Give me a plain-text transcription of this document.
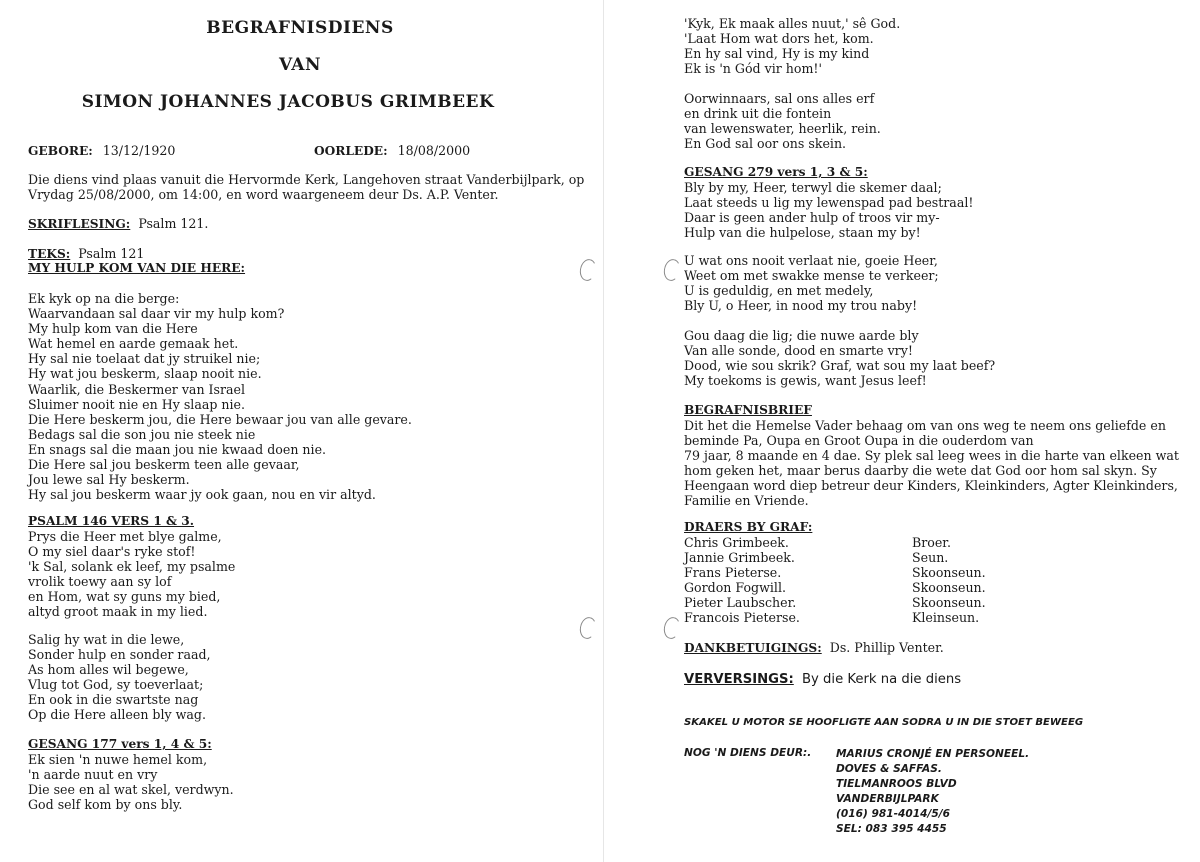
BEGRAFNISDIENS
VAN
SIMON JOHANNES JACOBUS GRIMBEEK
GEBORE: 13/12/1920	OORLEDE: 18/08/2000
Die diens vind plaas vanuit die Hervormde Kerk, Langehoven straat Vanderbijlpark, op
Vrydag 25/08/2000, om 14:00, en word waargeneem deur Ds. A.P. Venter.
SKRIFLESING: Psalm 121.
TEKS: Psalm 121
MY HULP KOM VAN DIE HERE:
Ek kyk op na die berge:
Waarvandaan sal daar vir my hulp kom?
My hulp kom van die Here
Wat hemel en aarde gemaak het.
Hy sal nie toelaat dat jy struikel nie;
Hy wat jou beskerm, slaap nooit nie.
Waarlik, die Beskermer van Israel
Sluimer nooit nie en Hy slaap nie.
Die Here beskerm jou, die Here bewaar jou van alle gevare.
Bedags sal die son jou nie steek nie
En snags sal die maan jou nie kwaad doen nie.
Die Here sal jou beskerm teen alle gevaar,
Jou lewe sal Hy beskerm.
Hy sal jou beskerm waar jy ook gaan, nou en vir altyd.
PSALM 146 VERS 1 & 3.
Prys die Heer met blye galme,
O my siel daar's ryke stof!
'k Sal, solank ek leef, my psalme
vrolik toewy aan sy lof
en Hom, wat sy guns my bied,
altyd groot maak in my lied.
Salig hy wat in die lewe,
Sonder hulp en sonder raad,
As hom alles wil begewe,
Vlug tot God, sy toeverlaat;
En ook in die swartste nag
Op die Here alleen bly wag.
GESANG 177 vers 1, 4 & 5:
Ek sien 'n nuwe hemel kom,
'n aarde nuut en vry
Die see en al wat skel, verdwyn.
God self kom by ons bly.
'Kyk, Ek maak alles nuut,' sê God.
'Laat Hom wat dors het, kom.
En hy sal vind, Hy is my kind
Ek is 'n Gód vir hom!'
Oorwinnaars, sal ons alles erf
en drink uit die fontein
van lewenswater, heerlik, rein.
En God sal oor ons skein.
GESANG 279 vers 1, 3 & 5:
Bly by my, Heer, terwyl die skemer daal;
Laat steeds u lig my lewenspad pad bestraal!
Daar is geen ander hulp of troos vir my-
Hulp van die hulpelose, staan my by!
U wat ons nooit verlaat nie, goeie Heer,
Weet om met swakke mense te verkeer;
U is geduldig, en met medely,
Bly U, o Heer, in nood my trou naby!
Gou daag die lig; die nuwe aarde bly
Van alle sonde, dood en smarte vry!
Dood, wie sou skrik? Graf, wat sou my laat beef?
My toekoms is gewis, want Jesus leef!
BEGRAFNISBRIEF
Dit het die Hemelse Vader behaag om van ons weg te neem ons geliefde en
beminde Pa, Oupa en Groot Oupa in die ouderdom van
79 jaar, 8 maande en 4 dae. Sy plek sal leeg wees in die harte van elkeen wat
hom geken het, maar berus daarby die wete dat God oor hom sal skyn. Sy
Heengaan word diep betreur deur Kinders, Kleinkinders, Agter Kleinkinders,
Familie en Vriende.
DRAERS BY GRAF:
Chris Grimbeek.	Broer.
Jannie Grimbeek.	Seun.
Frans Pieterse.	Skoonseun.
Gordon Fogwill.	Skoonseun.
Pieter Laubscher.	Skoonseun.
Francois Pieterse.	Kleinseun.
DANKBETUIGINGS: Ds. Phillip Venter.
VERVERSINGS: By die Kerk na die diens
SKAKEL U MOTOR SE HOOFLIGTE AAN SODRA U IN DIE STOET BEWEEG
NOG 'N DIENS DEUR:. MARIUS CRONJÉ EN PERSONEEL.
DOVES & SAFFAS.
TIELMANROOS BLVD
VANDERBIJLPARK
(016) 981-4014/5/6
SEL: 083 395 4455
